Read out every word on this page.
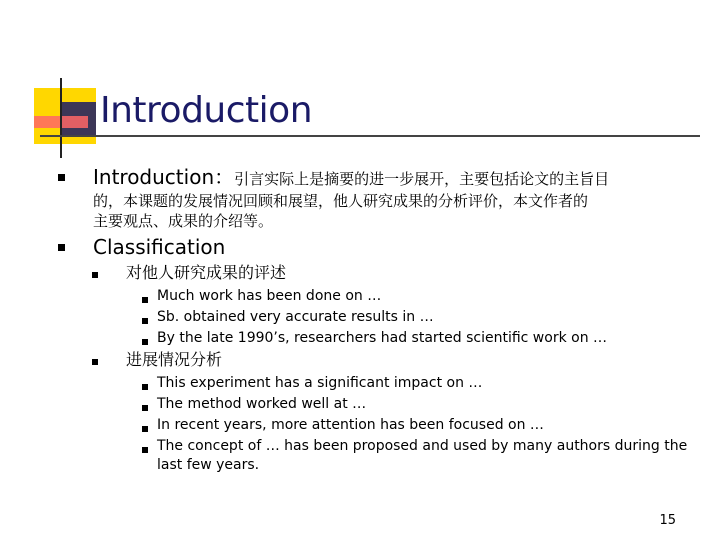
Introduction
Introduction：引言实际上是摘要的进一步展开，主要包括论文的主旨目
的，本课题的发展情况回顾和展望，他人研究成果的分析评价，本文作者的
主要观点、成果的介绍等。
Classification
对他人研究成果的评述
Much work has been done on …
Sb. obtained very accurate results in …
By the late 1990’s, researchers had started scientific work on …
进展情况分析
This experiment has a significant impact on …
The method worked well at …
In recent years, more attention has been focused on …
The concept of … has been proposed and used by many authors during the
last few years.
15
